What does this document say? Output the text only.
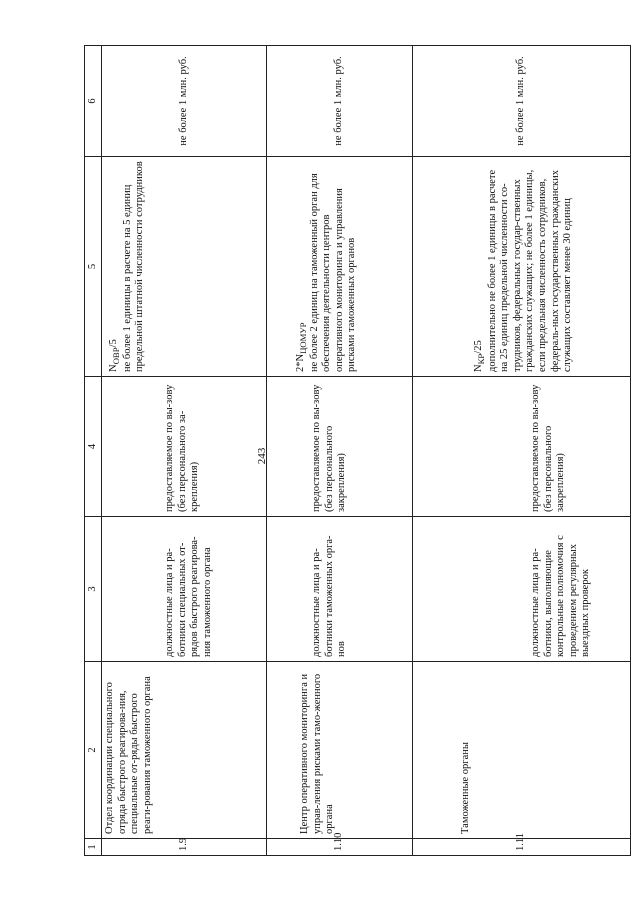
243
1	2	3	4	5	6
1.9	Отдел координации специального отряда быстрого реагирова-ния, специальные от-ряды быстрого реаги-рования таможенного органа	должностные лица и ра-ботники специальных от-рядов быстрого реагирова-ния таможенного органа	предоставляемое по вы-зову (без персонального за-крепления)	$N_{OBP}/5$ не более 1 единицы в расчете на 5 единиц предельной штатной численности сотрудников	не более 1 млн. руб.
1.10	Центр оперативного мониторинга и управ-ления рисками тамо-женного органа	должностные лица и ра-ботники таможенных орга-нов	предоставляемое по вы-зову (без персонального закрепления)	$2*N_{ЦОМУР}$ не более 2 единиц на таможенный орган для обеспечения деятельности центров оперативного мониторинга и управления рисками таможенных органов	не более 1 млн. руб.
1.11	Таможенные органы	должностные лица и ра-ботники, выполняющие контрольные полномочия с проведением регулярных выездных проверок	предоставляемое по вы-зову (без персонального закрепления)	$N_{КР}/25$ дополнительно не более 1 единицы в расчете на 25 единиц предельной численности со-трудников, федеральных государ-ственных гражданских служащих; не более 1 единицы, если предельная численность сотрудников, федераль-ных государственных гражданских служащих составляет менее 30 единиц	не более 1 млн. руб.
